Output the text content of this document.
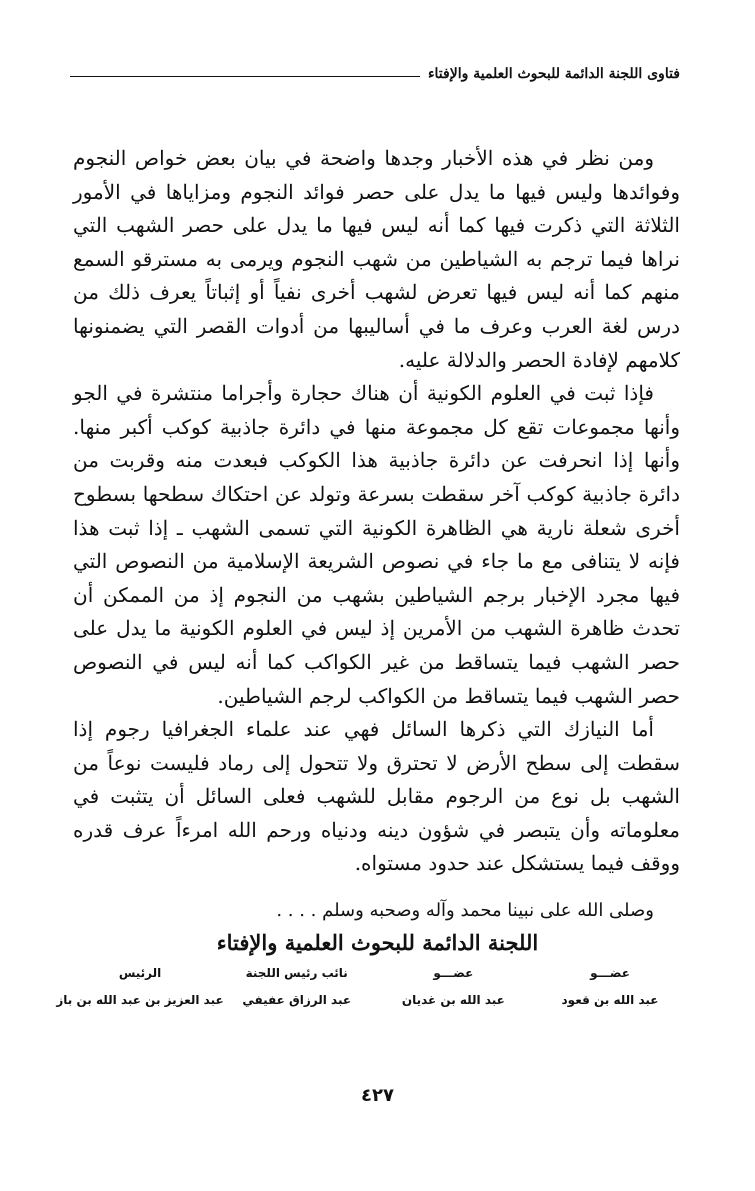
فتاوى اللجنة الدائمة للبحوث العلمية والإفتاء

ومن نظر في هذه الأخبار وجدها واضحة في بيان بعض خواص النجوم وفوائدها وليس فيها ما يدل على حصر فوائد النجوم ومزاياها في الأمور الثلاثة التي ذكرت فيها كما أنه ليس فيها ما يدل على حصر الشهب التي نراها فيما ترجم به الشياطين من شهب النجوم ويرمى به مسترقو السمع منهم كما أنه ليس فيها تعرض لشهب أخرى نفياً أو إثباتاً يعرف ذلك من درس لغة العرب وعرف ما في أساليبها من أدوات القصر التي يضمنونها كلامهم لإفادة الحصر والدلالة عليه.

فإذا ثبت في العلوم الكونية أن هناك حجارة وأجراما منتشرة في الجو وأنها مجموعات تقع كل مجموعة منها في دائرة جاذبية كوكب أكبر منها. وأنها إذا انحرفت عن دائرة جاذبية هذا الكوكب فبعدت منه وقربت من دائرة جاذبية كوكب آخر سقطت بسرعة وتولد عن احتكاك سطحها بسطوح أخرى شعلة نارية هي الظاهرة الكونية التي تسمى الشهب ـ إذا ثبت هذا فإنه لا يتنافى مع ما جاء في نصوص الشريعة الإسلامية من النصوص التي فيها مجرد الإخبار برجم الشياطين بشهب من النجوم إذ من الممكن أن تحدث ظاهرة الشهب من الأمرين إذ ليس في العلوم الكونية ما يدل على حصر الشهب فيما يتساقط من غير الكواكب كما أنه ليس في النصوص حصر الشهب فيما يتساقط من الكواكب لرجم الشياطين.

أما النيازك التي ذكرها السائل فهي عند علماء الجغرافيا رجوم إذا سقطت إلى سطح الأرض لا تحترق ولا تتحول إلى رماد فليست نوعاً من الشهب بل نوع من الرجوم مقابل للشهب فعلى السائل أن يتثبت في معلوماته وأن يتبصر في شؤون دينه ودنياه ورحم الله امرءاً عرف قدره ووقف فيما يستشكل عند حدود مستواه.

وصلى الله على نبينا محمد وآله وصحبه وسلم . . . .
اللجنة الدائمة للبحوث العلمية والإفتاء
عضـــو
عبد الله بن قعود
عضـــو
عبد الله بن غديان
نائب رئيس اللجنة
عبد الرزاق عفيفي
الرئيس
عبد العزيز بن عبد الله بن باز
٤٢٧
